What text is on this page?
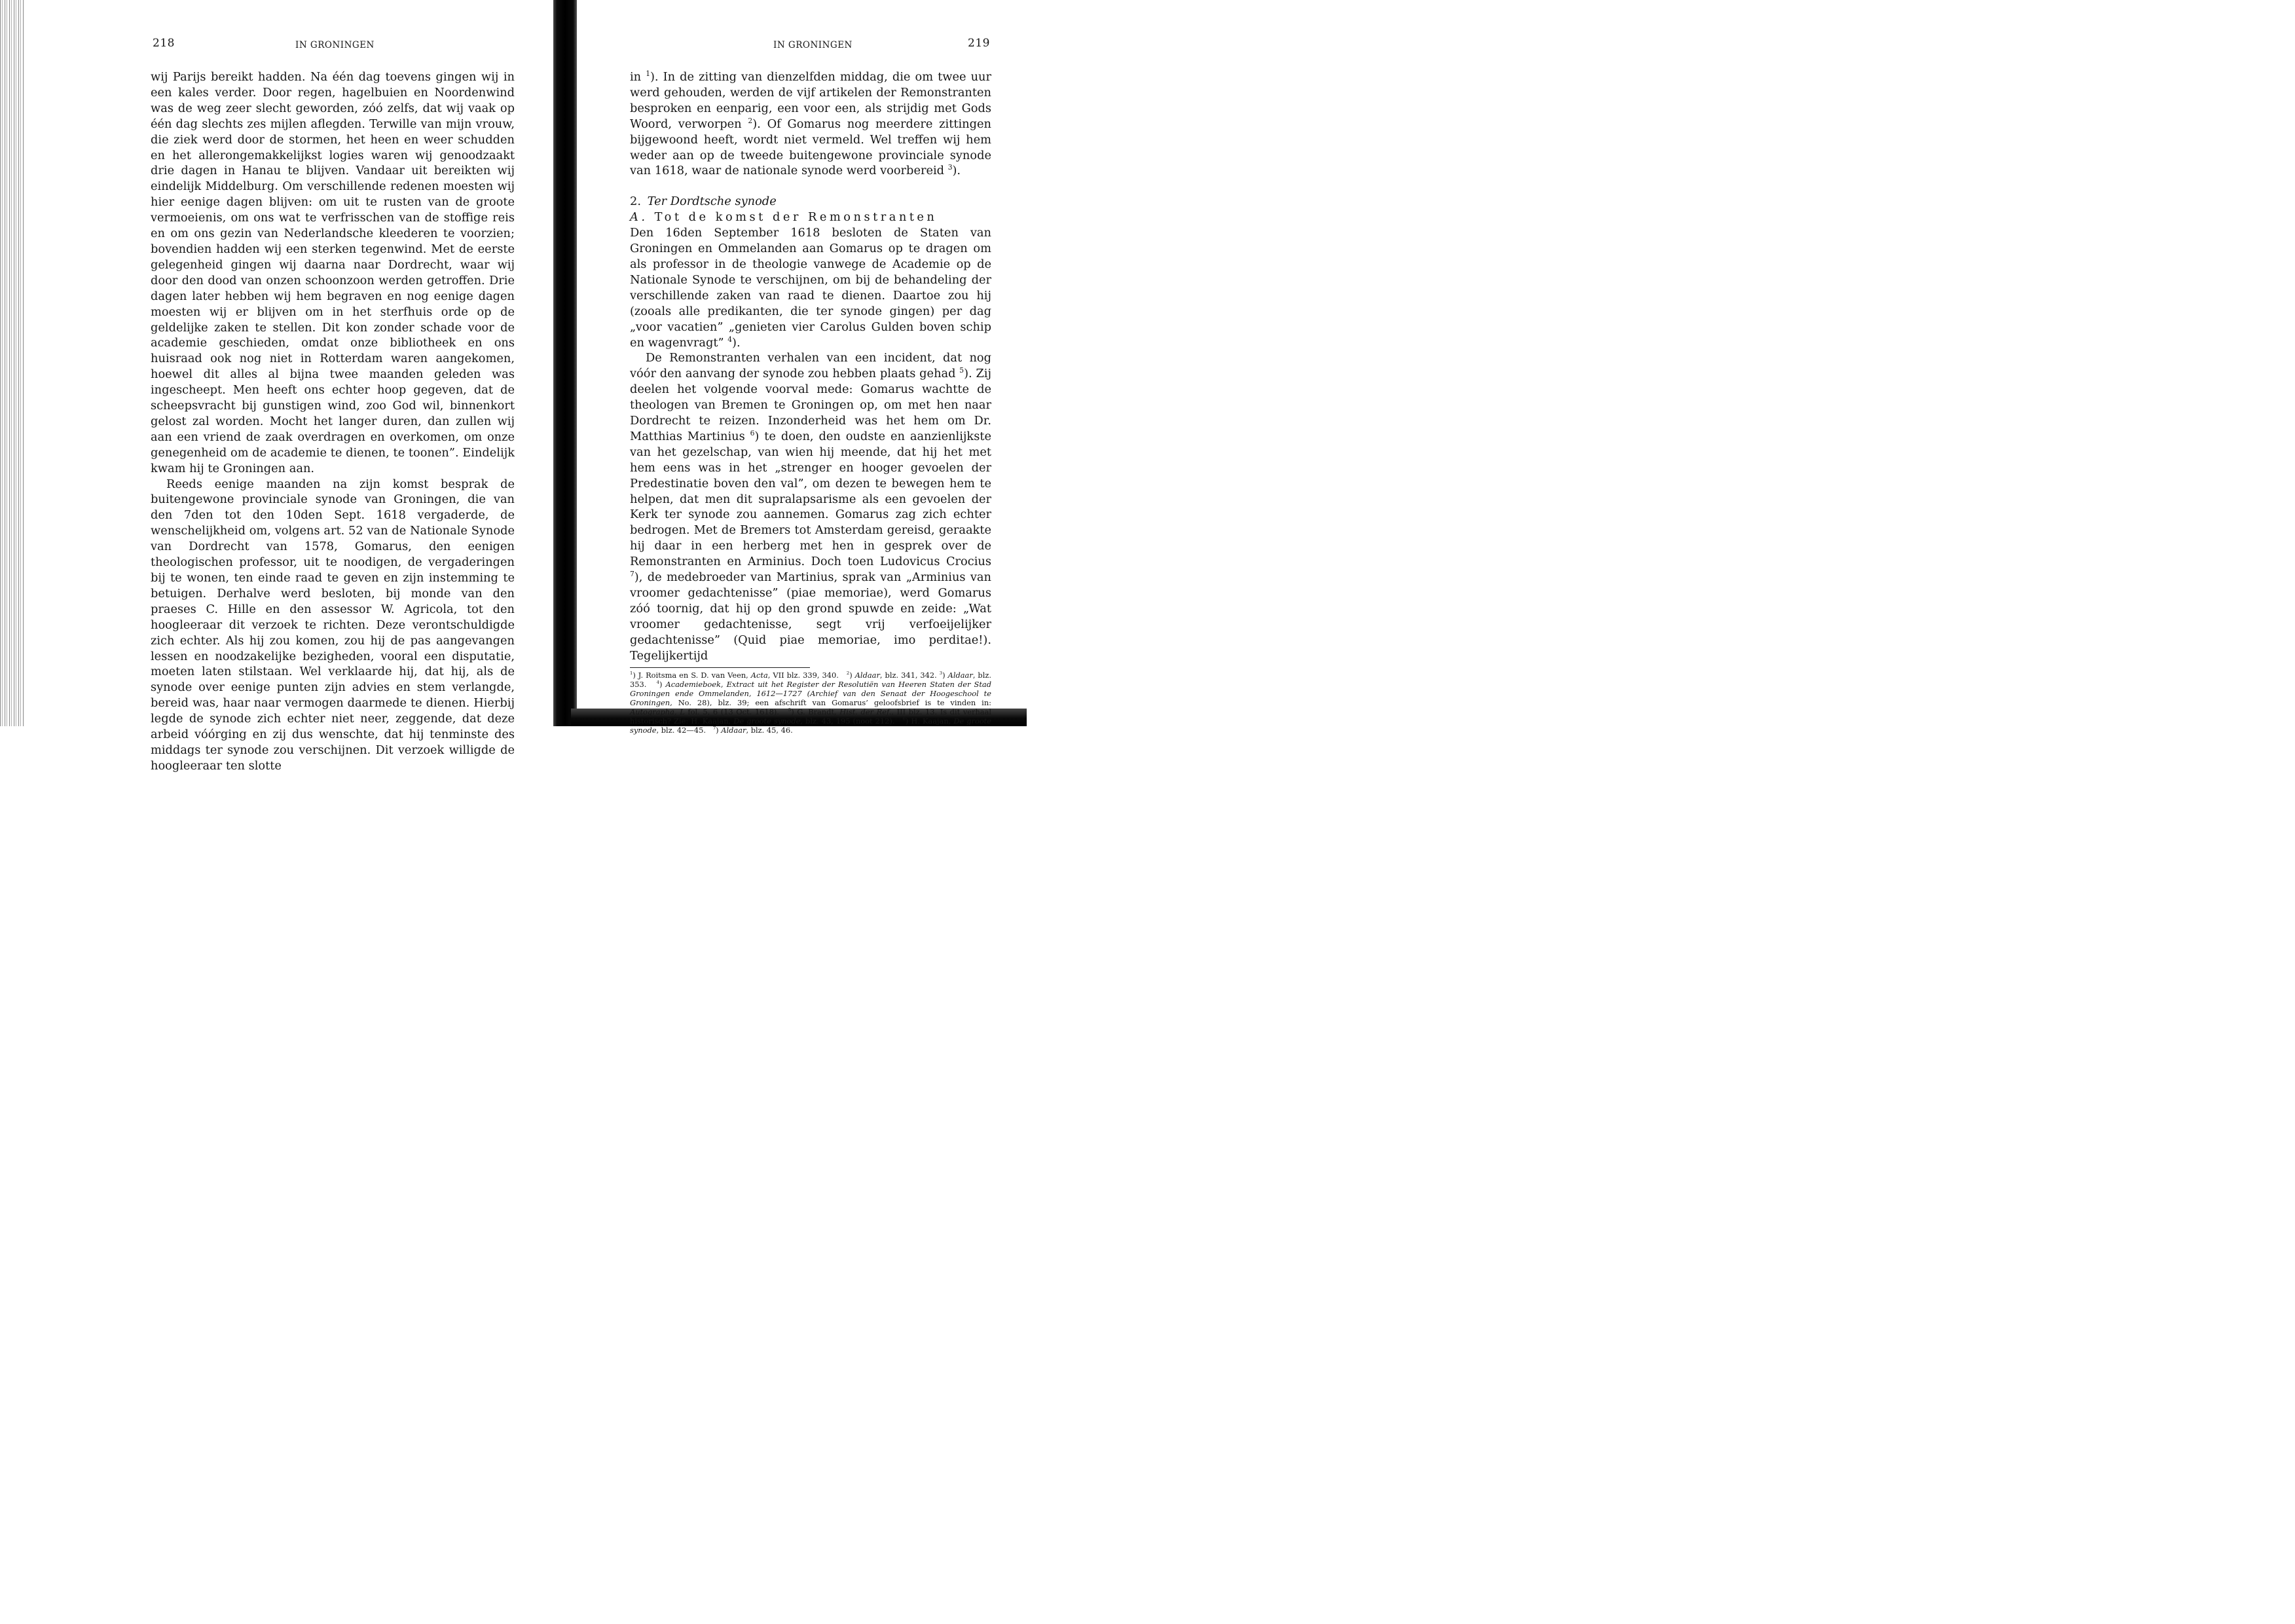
218	IN GRONINGEN

wij Parijs bereikt hadden. Na één dag toevens gingen wij in een kales verder. Door regen, hagelbuien en Noordenwind was de weg zeer slecht geworden, zóó zelfs, dat wij vaak op één dag slechts zes mijlen aflegden. Terwille van mijn vrouw, die ziek werd door de stormen, het heen en weer schudden en het allerongemakkelijkst logies waren wij genoodzaakt drie dagen in Hanau te blijven. Vandaar uit bereikten wij eindelijk Middelburg. Om verschillende redenen moesten wij hier eenige dagen blijven: om uit te rusten van de groote vermoeienis, om ons wat te verfrisschen van de stoffige reis en om ons gezin van Nederlandsche kleederen te voorzien; bovendien hadden wij een sterken tegenwind. Met de eerste gelegenheid gingen wij daarna naar Dordrecht, waar wij door den dood van onzen schoonzoon werden getroffen. Drie dagen later hebben wij hem begraven en nog eenige dagen moesten wij er blijven om in het sterfhuis orde op de geldelijke zaken te stellen. Dit kon zonder schade voor de academie geschieden, omdat onze bibliotheek en ons huisraad ook nog niet in Rotterdam waren aangekomen, hoewel dit alles al bijna twee maanden geleden was ingescheept. Men heeft ons echter hoop gegeven, dat de scheepsvracht bij gunstigen wind, zoo God wil, binnenkort gelost zal worden. Mocht het langer duren, dan zullen wij aan een vriend de zaak overdragen en overkomen, om onze genegenheid om de academie te dienen, te toonen”. Eindelijk kwam hij te Groningen aan.

Reeds eenige maanden na zijn komst besprak de buitengewone provinciale synode van Groningen, die van den 7den tot den 10den Sept. 1618 vergaderde, de wenschelijkheid om, volgens art. 52 van de Nationale Synode van Dordrecht van 1578, Gomarus, den eenigen theologischen professor, uit te noodigen, de vergaderingen bij te wonen, ten einde raad te geven en zijn instemming te betuigen. Derhalve werd besloten, bij monde van den praeses C. Hille en den assessor W. Agricola, tot den hoogleeraar dit verzoek te richten. Deze verontschuldigde zich echter. Als hij zou komen, zou hij de pas aangevangen lessen en noodzakelijke bezigheden, vooral een disputatie, moeten laten stilstaan. Wel verklaarde hij, dat hij, als de synode over eenige punten zijn advies en stem verlangde, bereid was, haar naar vermogen daarmede te dienen. Hierbij legde de synode zich echter niet neer, zeggende, dat deze arbeid vóórging en zij dus wenschte, dat hij tenminste des middags ter synode zou verschijnen. Dit verzoek willigde de hoogleeraar ten slotte

IN GRONINGEN	219

in $^1$). In de zitting van dienzelfden middag, die om twee uur werd gehouden, werden de vijf artikelen der Remonstranten besproken en eenparig, een voor een, als strijdig met Gods Woord, verworpen $^2$). Of Gomarus nog meerdere zittingen bijgewoond heeft, wordt niet vermeld. Wel treffen wij hem weder aan op de tweede buitengewone provinciale synode van 1618, waar de nationale synode werd voorbereid $^3$).

2. Ter Dordtsche synode

A. Tot de komst der Remonstranten

Den 16den September 1618 besloten de Staten van Groningen en Ommelanden aan Gomarus op te dragen om als professor in de theologie vanwege de Academie op de Nationale Synode te verschijnen, om bij de behandeling der verschillende zaken van raad te dienen. Daartoe zou hij (zooals alle predikanten, die ter synode gingen) per dag „voor vacatien” „genieten vier Carolus Gulden boven schip en wagenvragt” $^4$).

De Remonstranten verhalen van een incident, dat nog vóór den aanvang der synode zou hebben plaats gehad $^5$). Zij deelen het volgende voorval mede: Gomarus wachtte de theologen van Bremen te Groningen op, om met hen naar Dordrecht te reizen. Inzonderheid was het hem om Dr. Matthias Martinius $^6$) te doen, den oudste en aanzienlijkste van het gezelschap, van wien hij meende, dat hij het met hem eens was in het „strenger en hooger gevoelen der Predestinatie boven den val”, om dezen te bewegen hem te helpen, dat men dit supralapsarisme als een gevoelen der Kerk ter synode zou aannemen. Gomarus zag zich echter bedrogen. Met de Bremers tot Amsterdam gereisd, geraakte hij daar in een herberg met hen in gesprek over de Remonstranten en Arminius. Doch toen Ludovicus Crocius $^7$), de medebroeder van Martinius, sprak van „Arminius van vroomer gedachtenisse” (piae memoriae), werd Gomarus zóó toornig, dat hij op den grond spuwde en zeide: „Wat vroomer gedachtenisse, segt vrij verfoeijelijker gedachtenisse” (Quid piae memoriae, imo perditae!). Tegelijkertijd

$^1$) J. Roitsma en S. D. van Veen, Acta, VII blz. 339, 340. $^2$) Aldaar, blz. 341, 342. $^3$) Aldaar, blz. 353. $^4$) Academieboek, Extract uit het Register der Resolutiën van Heeren Staten der Stad Groningen ende Ommelanden, 1612—1727 (Archief van den Senaat der Hoogeschool te Groningen, No. 28), blz. 39; een afschrift van Gomarus’ geloofsbrief is te vinden in: Autographa, L fol. 5, 6 (13 Oct. 1618). $^5$) G. Brandt, Hist. der Ref., III blz. 13. Is dit verhaal historisch? Zie: H. Kaajan, De groote synode, blz. 43, 195 (noot 212). $^6$) H. Kaajan, De groote synode, blz. 42—45. $^7$) Aldaar, blz. 45, 46.
